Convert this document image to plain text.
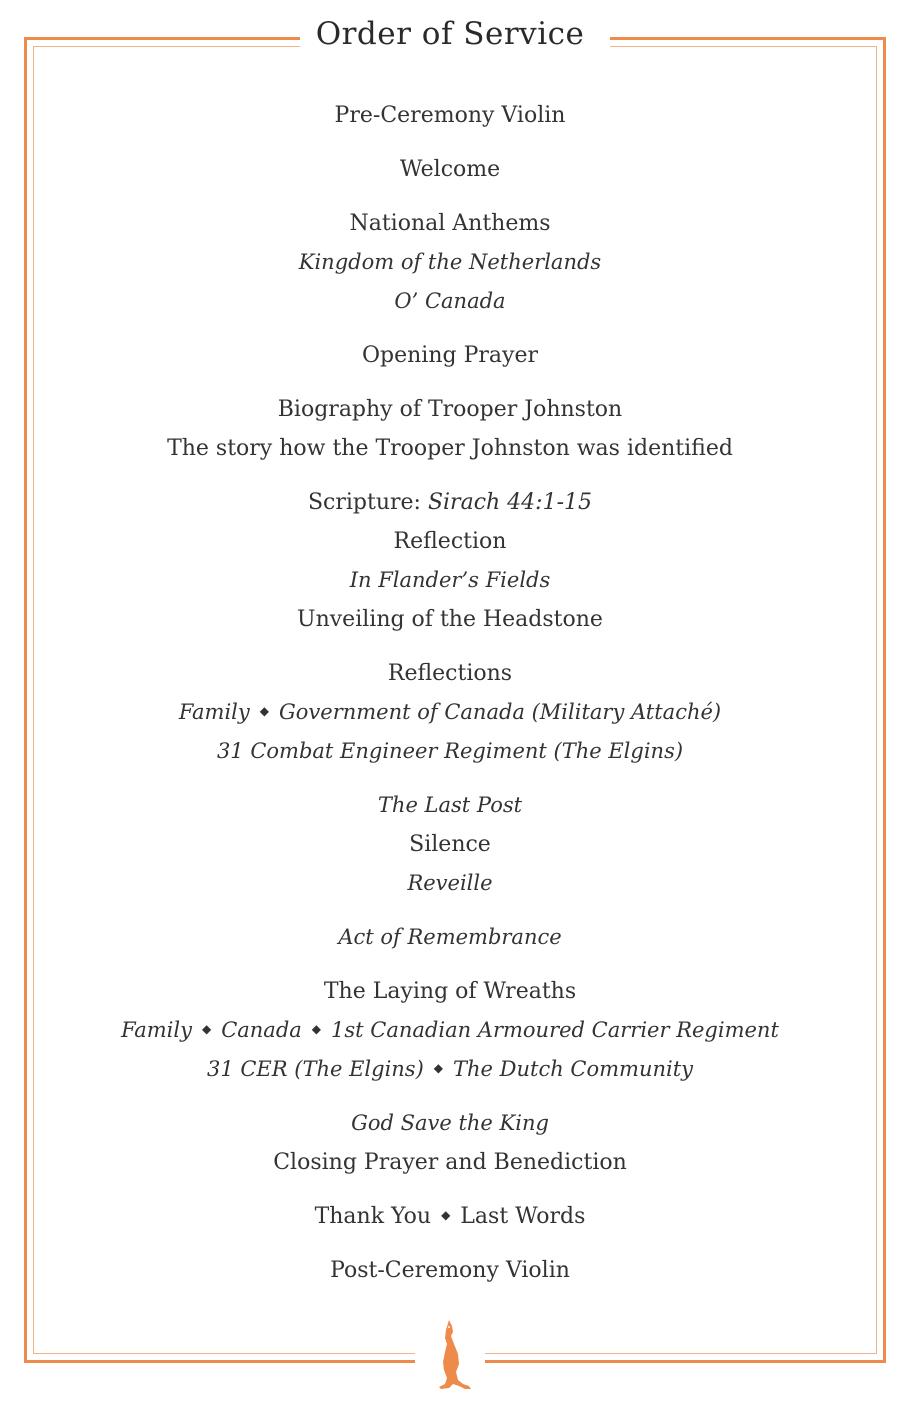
Order of Service
Pre-Ceremony Violin
Welcome
National Anthems
Kingdom of the Netherlands
O’ Canada
Opening Prayer
Biography of Trooper Johnston
The story how the Trooper Johnston was identified
Scripture: Sirach 44:1-15
Reflection
In Flander’s Fields
Unveiling of the Headstone
Reflections
Family ◆ Government of Canada (Military Attaché)
31 Combat Engineer Regiment (The Elgins)
The Last Post
Silence
Reveille
Act of Remembrance
The Laying of Wreaths
Family ◆ Canada ◆ 1st Canadian Armoured Carrier Regiment
31 CER (The Elgins) ◆ The Dutch Community
God Save the King
Closing Prayer and Benediction
Thank You ◆ Last Words
Post-Ceremony Violin
